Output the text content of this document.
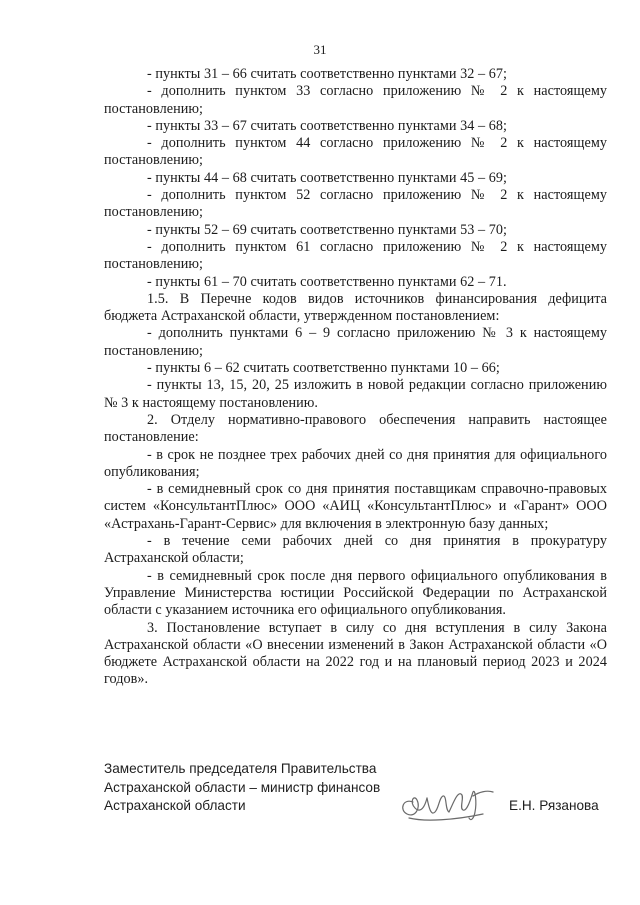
31

- пункты 31 – 66 считать соответственно пунктами 32 – 67;

- дополнить пунктом 33 согласно приложению № 2 к настоящему постановлению;

- пункты 33 – 67 считать соответственно пунктами 34 – 68;

- дополнить пунктом 44 согласно приложению № 2 к настоящему постановлению;

- пункты 44 – 68 считать соответственно пунктами 45 – 69;

- дополнить пунктом 52 согласно приложению № 2 к настоящему постановлению;

- пункты 52 – 69 считать соответственно пунктами 53 – 70;

- дополнить пунктом 61 согласно приложению № 2 к настоящему постановлению;

- пункты 61 – 70 считать соответственно пунктами 62 – 71.

1.5. В Перечне кодов видов источников финансирования дефицита бюджета Астраханской области, утвержденном постановлением:

- дополнить пунктами 6 – 9 согласно приложению № 3 к настоящему постановлению;

- пункты 6 – 62 считать соответственно пунктами 10 – 66;

- пункты 13, 15, 20, 25 изложить в новой редакции согласно приложению № 3 к настоящему постановлению.

2. Отделу нормативно-правового обеспечения направить настоящее постановление:

- в срок не позднее трех рабочих дней со дня принятия для официального опубликования;

- в семидневный срок со дня принятия поставщикам справочно-правовых систем «КонсультантПлюс» ООО «АИЦ «КонсультантПлюс» и «Гарант» ООО «Астрахань-Гарант-Сервис» для включения в электронную базу данных;

- в течение семи рабочих дней со дня принятия в прокуратуру Астраханской области;

- в семидневный срок после дня первого официального опубликования в Управление Министерства юстиции Российской Федерации по Астраханской области с указанием источника его официального опубликования.

3. Постановление вступает в силу со дня вступления в силу Закона Астраханской области «О внесении изменений в Закон Астраханской области «О бюджете Астраханской области на 2022 год и на плановый период 2023 и 2024 годов».

Заместитель председателя Правительства
Астраханской области – министр финансов
Астраханской области	Е.Н. Рязанова
